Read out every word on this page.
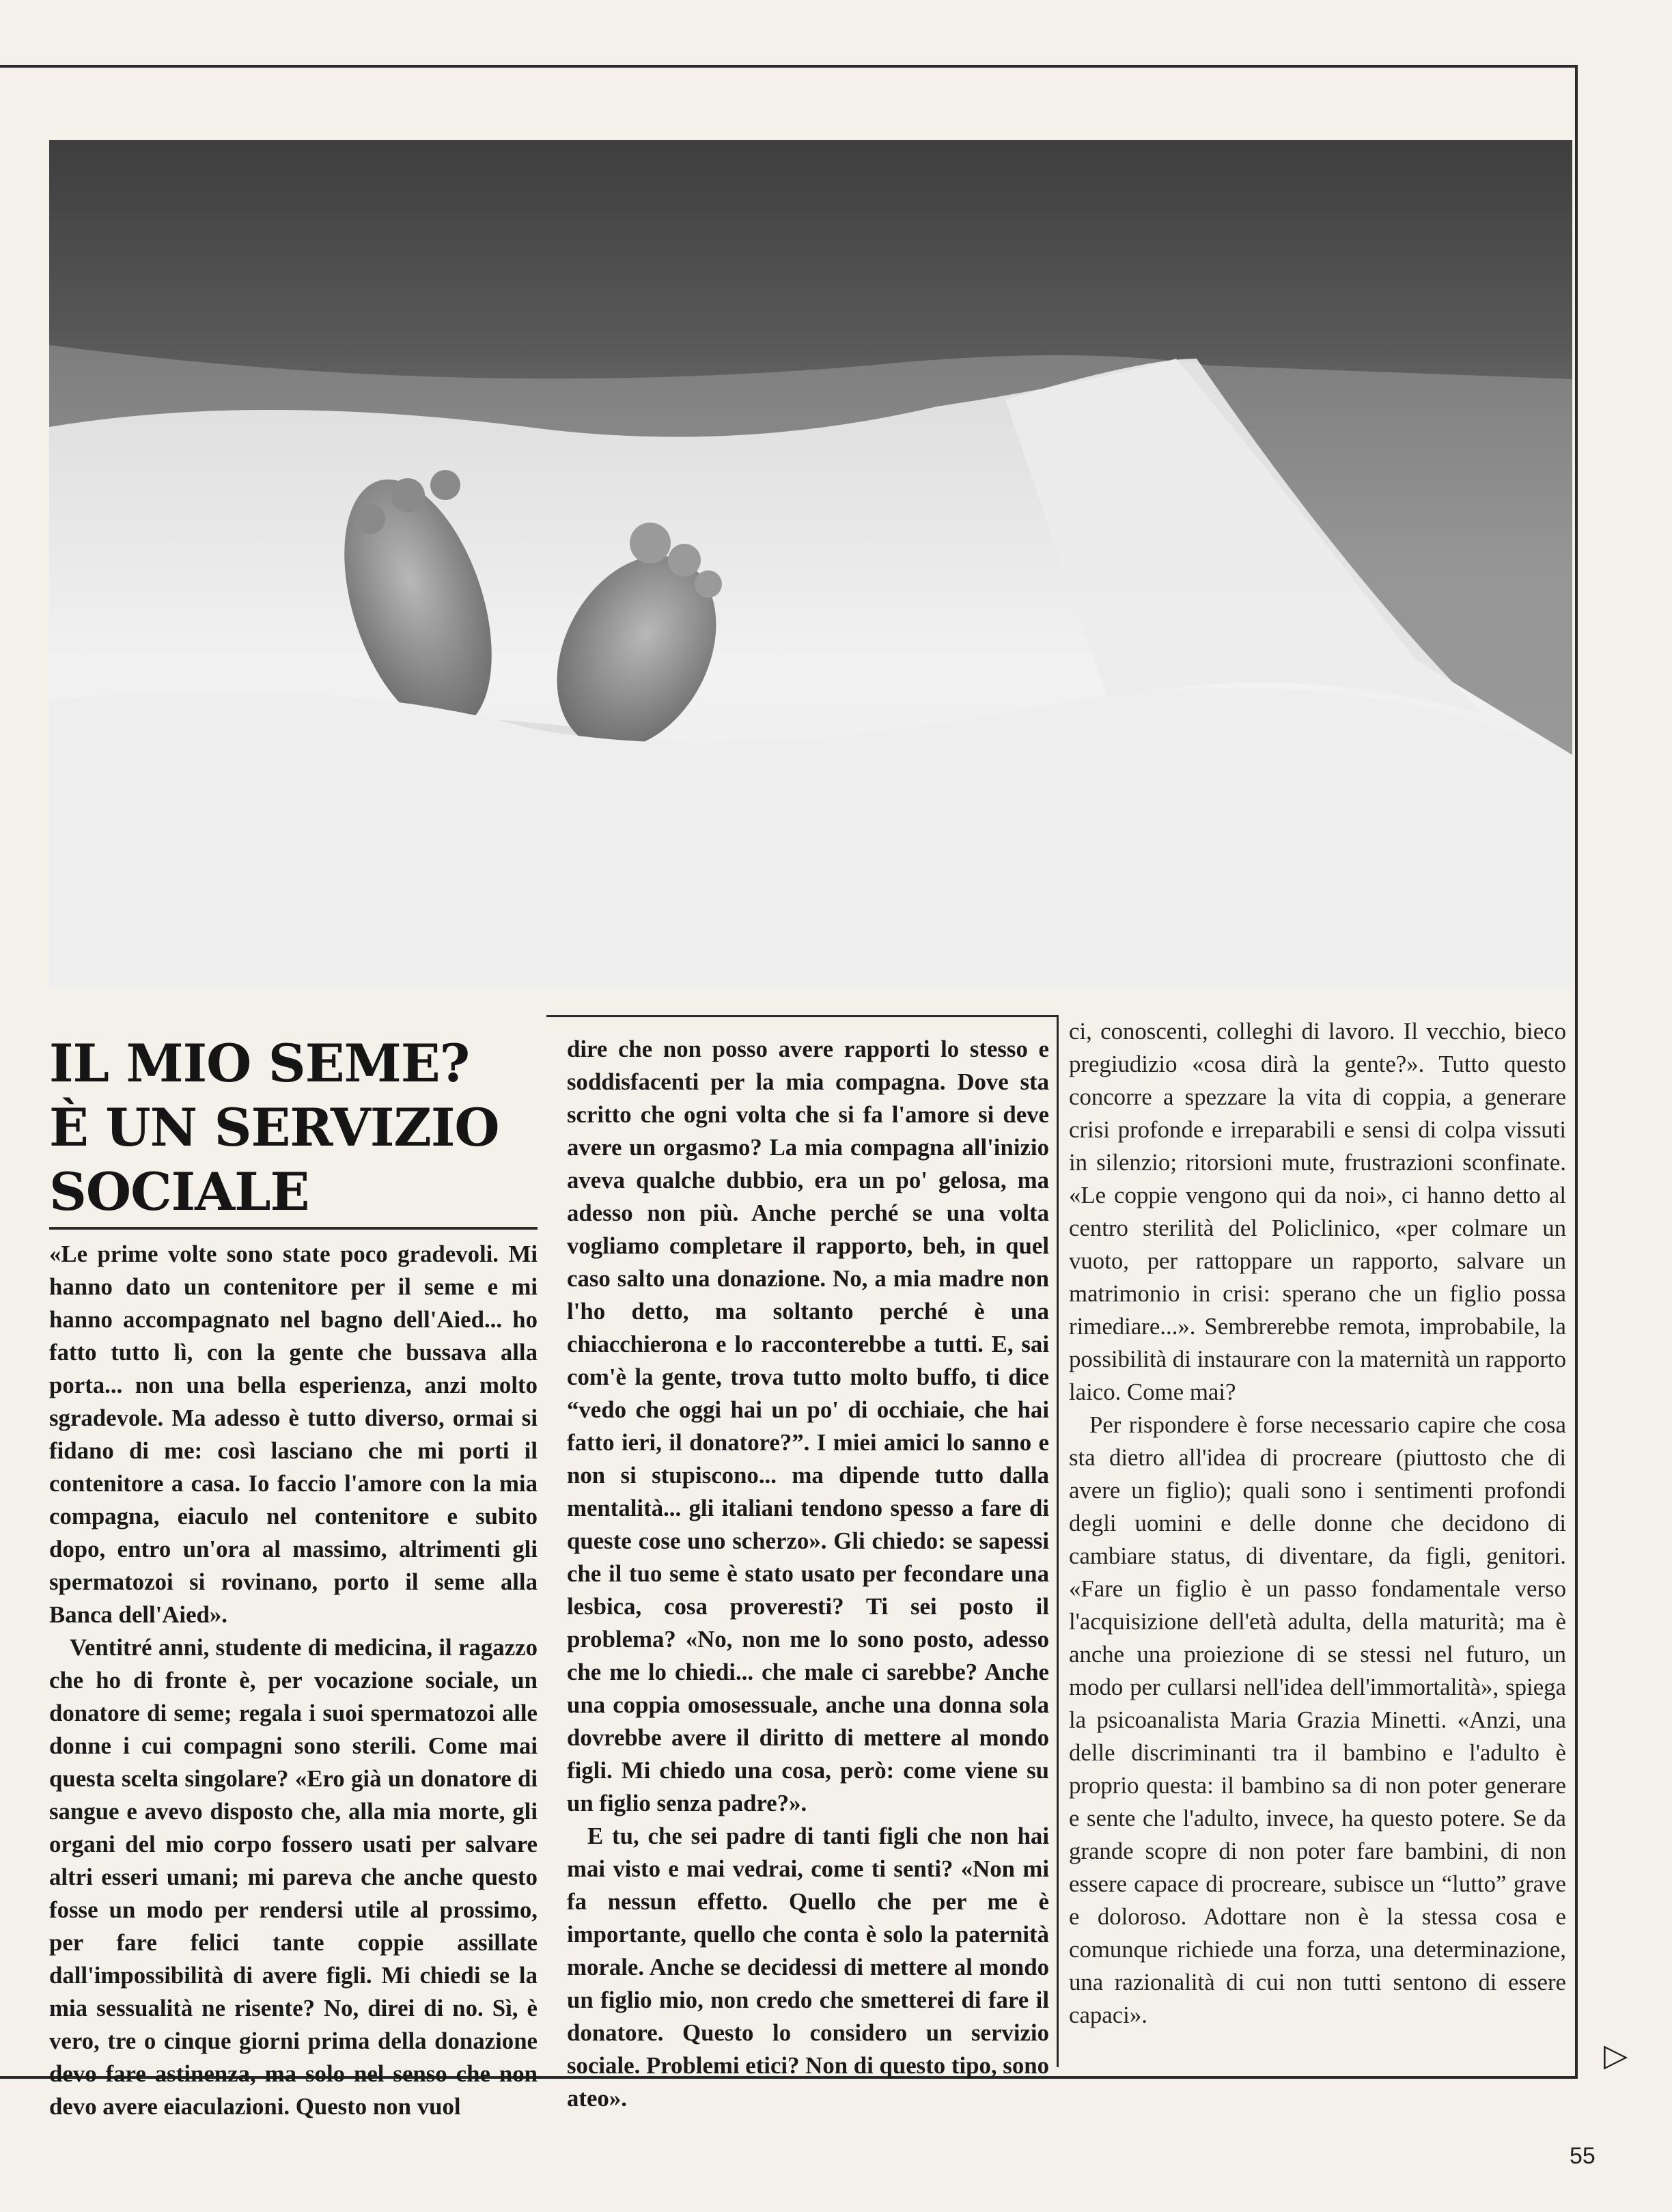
IL MIO SEME?
È UN SERVIZIO
SOCIALE

«Le prime volte sono state poco gradevoli. Mi hanno dato un contenitore per il seme e mi hanno accompagnato nel bagno dell'Aied... ho fatto tutto lì, con la gente che bussava alla porta... non una bella esperienza, anzi molto sgradevole. Ma adesso è tutto diverso, ormai si fidano di me: così lasciano che mi porti il contenitore a casa. Io faccio l'amore con la mia compagna, eiaculo nel contenitore e subito dopo, entro un'ora al massimo, altrimenti gli spermatozoi si rovinano, porto il seme alla Banca dell'Aied».

Ventitré anni, studente di medicina, il ragazzo che ho di fronte è, per vocazione sociale, un donatore di seme; regala i suoi spermatozoi alle donne i cui compagni sono sterili. Come mai questa scelta singolare? «Ero già un donatore di sangue e avevo disposto che, alla mia morte, gli organi del mio corpo fossero usati per salvare altri esseri umani; mi pareva che anche questo fosse un modo per rendersi utile al prossimo, per fare felici tante coppie assillate dall'impossibilità di avere figli. Mi chiedi se la mia sessualità ne risente? No, direi di no. Sì, è vero, tre o cinque giorni prima della donazione devo fare astinenza, ma solo nel senso che non devo avere eiaculazioni. Questo non vuol

dire che non posso avere rapporti lo stesso e soddisfacenti per la mia compagna. Dove sta scritto che ogni volta che si fa l'amore si deve avere un orgasmo? La mia compagna all'inizio aveva qualche dubbio, era un po' gelosa, ma adesso non più. Anche perché se una volta vogliamo completare il rapporto, beh, in quel caso salto una donazione. No, a mia madre non l'ho detto, ma soltanto perché è una chiacchierona e lo racconterebbe a tutti. E, sai com'è la gente, trova tutto molto buffo, ti dice “vedo che oggi hai un po' di occhiaie, che hai fatto ieri, il donatore?”. I miei amici lo sanno e non si stupiscono... ma dipende tutto dalla mentalità... gli italiani tendono spesso a fare di queste cose uno scherzo». Gli chiedo: se sapessi che il tuo seme è stato usato per fecondare una lesbica, cosa proveresti? Ti sei posto il problema? «No, non me lo sono posto, adesso che me lo chiedi... che male ci sarebbe? Anche una coppia omosessuale, anche una donna sola dovrebbe avere il diritto di mettere al mondo figli. Mi chiedo una cosa, però: come viene su un figlio senza padre?».

E tu, che sei padre di tanti figli che non hai mai visto e mai vedrai, come ti senti? «Non mi fa nessun effetto. Quello che per me è importante, quello che conta è solo la paternità morale. Anche se decidessi di mettere al mondo un figlio mio, non credo che smetterei di fare il donatore. Questo lo considero un servizio sociale. Problemi etici? Non di questo tipo, sono ateo».

ci, conoscenti, colleghi di lavoro. Il vecchio, bieco pregiudizio «cosa dirà la gente?». Tutto questo concorre a spezzare la vita di coppia, a generare crisi profonde e irreparabili e sensi di colpa vissuti in silenzio; ritorsioni mute, frustrazioni sconfinate. «Le coppie vengono qui da noi», ci hanno detto al centro sterilità del Policlinico, «per colmare un vuoto, per rattoppare un rapporto, salvare un matrimonio in crisi: sperano che un figlio possa rimediare...». Sembrerebbe remota, improbabile, la possibilità di instaurare con la maternità un rapporto laico. Come mai?

Per rispondere è forse necessario capire che cosa sta dietro all'idea di procreare (piuttosto che di avere un figlio); quali sono i sentimenti profondi degli uomini e delle donne che decidono di cambiare status, di diventare, da figli, genitori. «Fare un figlio è un passo fondamentale verso l'acquisizione dell'età adulta, della maturità; ma è anche una proiezione di se stessi nel futuro, un modo per cullarsi nell'idea dell'immortalità», spiega la psicoanalista Maria Grazia Minetti. «Anzi, una delle discriminanti tra il bambino e l'adulto è proprio questa: il bambino sa di non poter generare e sente che l'adulto, invece, ha questo potere. Se da grande scopre di non poter fare bambini, di non essere capace di procreare, subisce un “lutto” grave e doloroso. Adottare non è la stessa cosa e comunque richiede una forza, una determinazione, una razionalità di cui non tutti sentono di essere capaci».

▷
55
